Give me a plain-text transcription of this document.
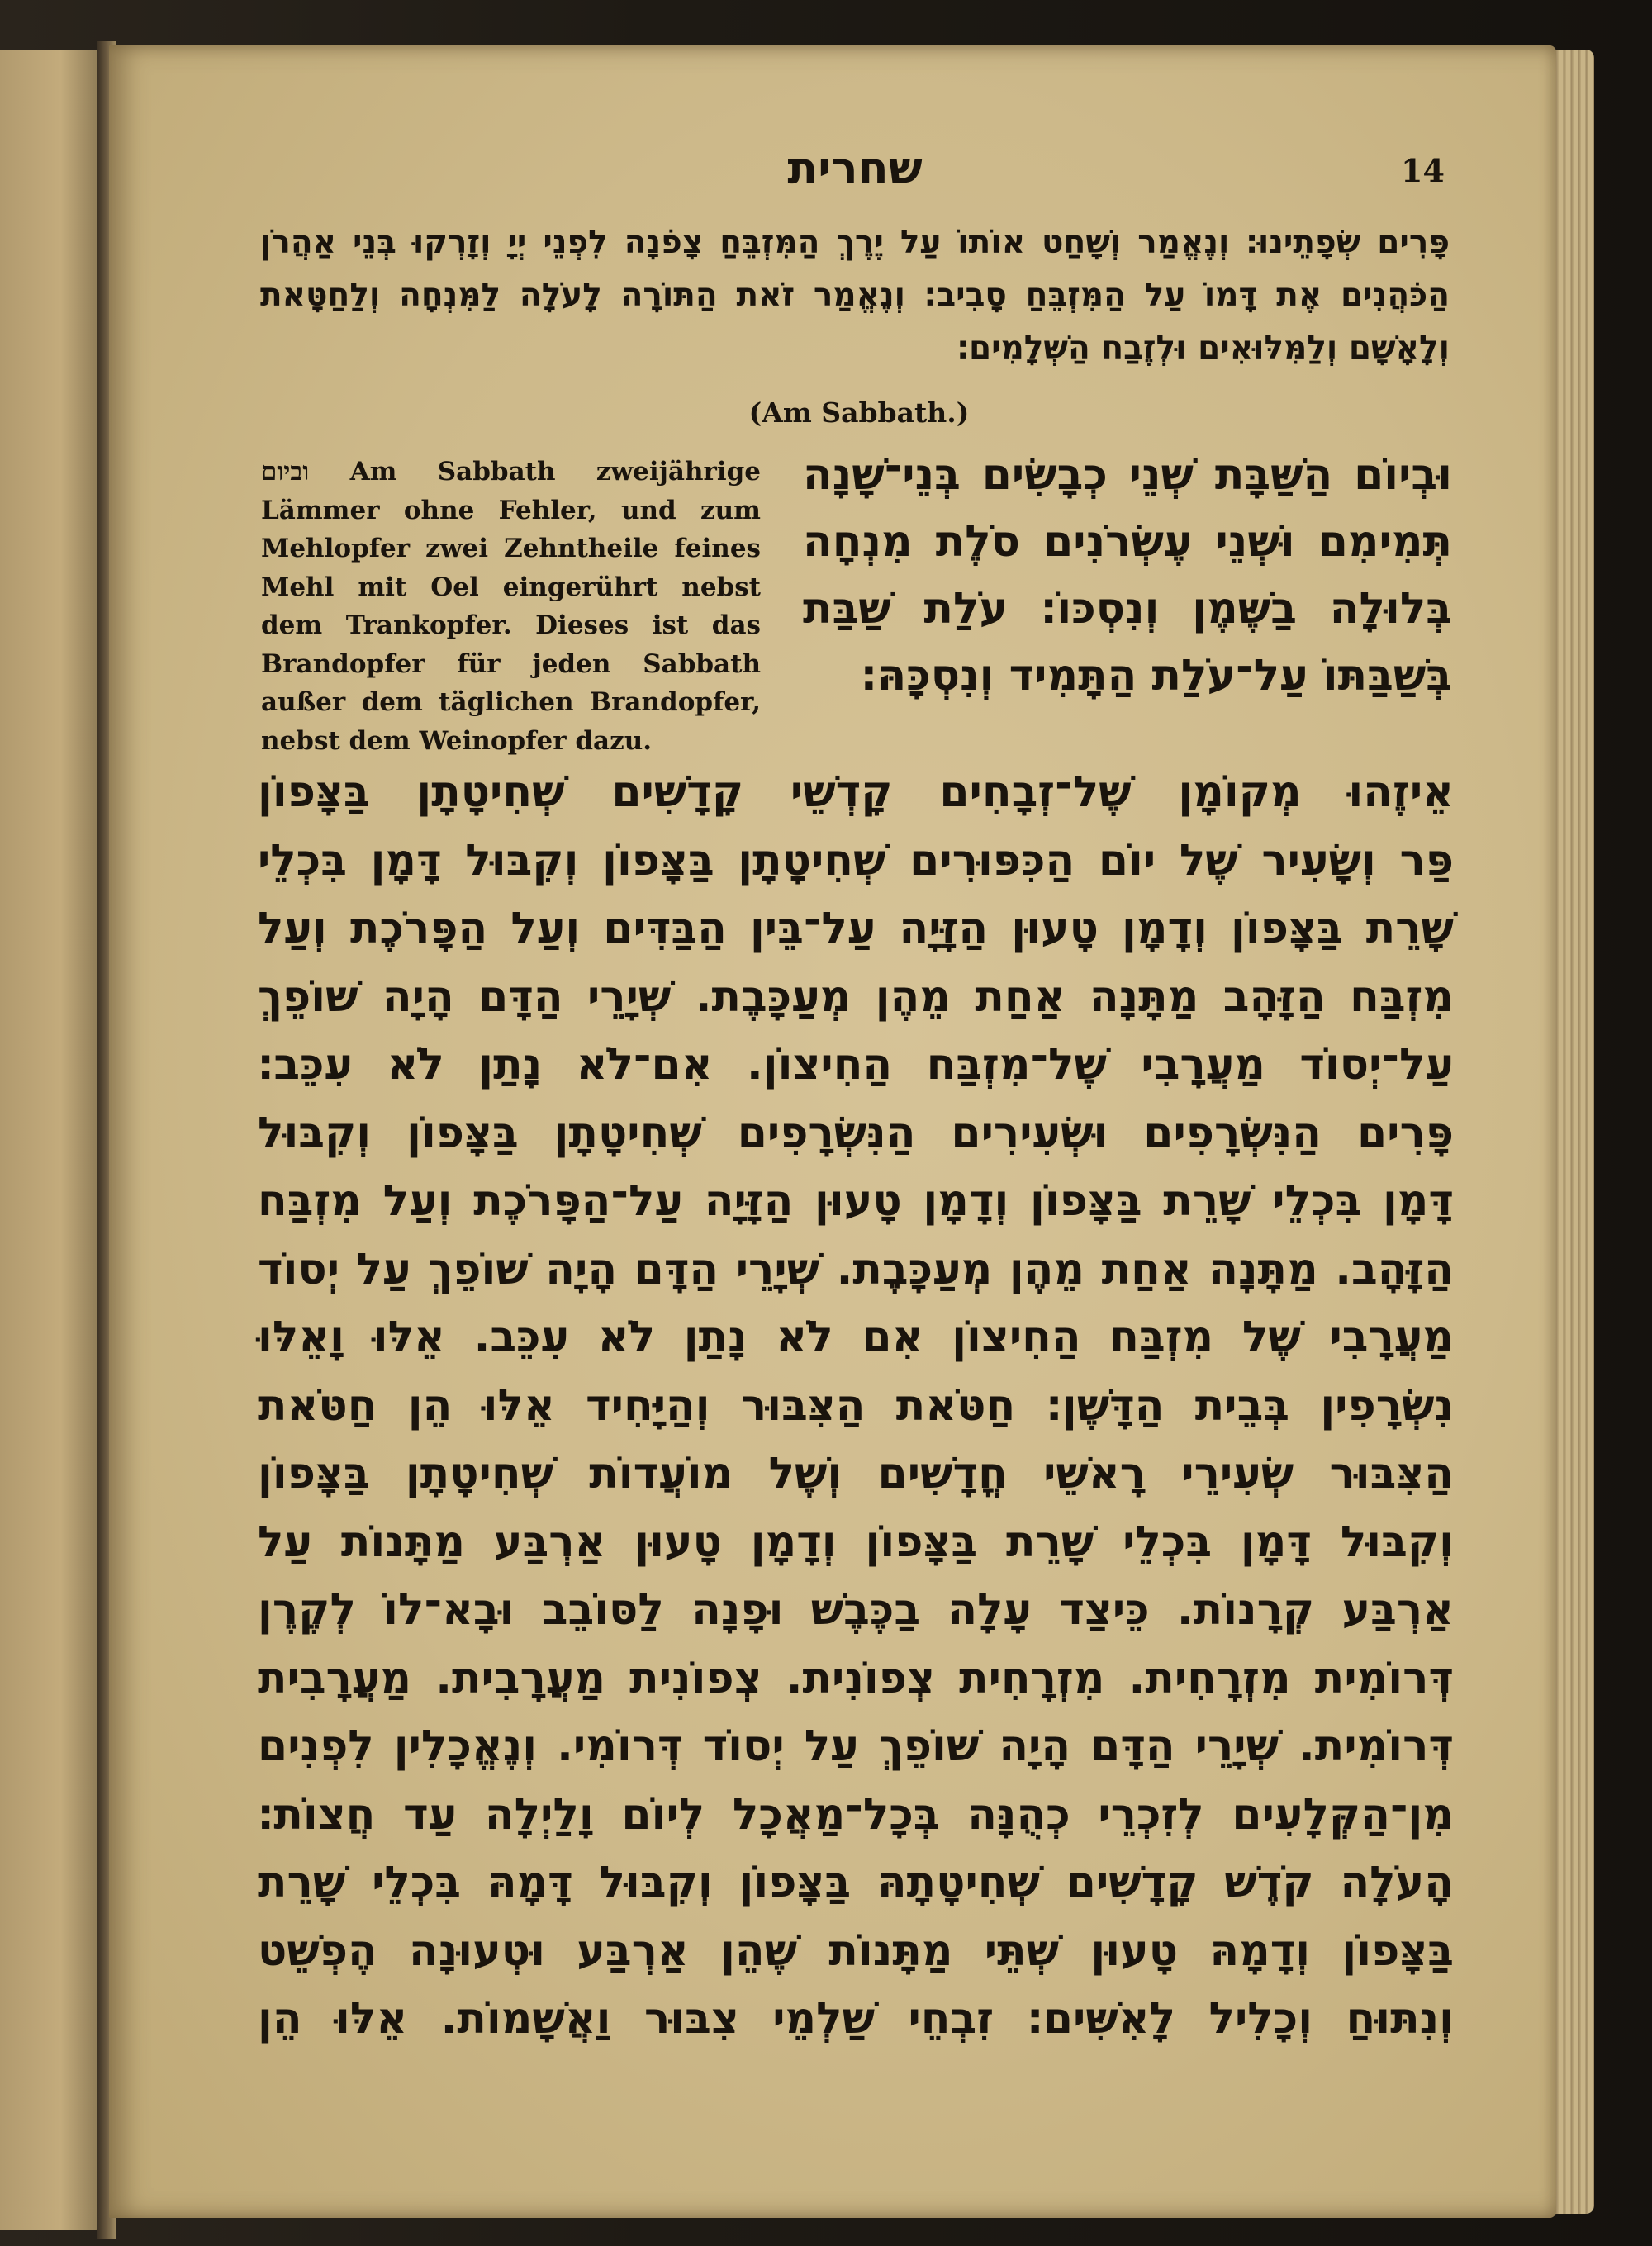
שחרית	14

פָּרִים שְׂפָתֵינוּ׃ וְנֶאֱמַר וְשָׁחַט אוֹתוֹ עַל יֶרֶךְ הַמִּזְבֵּחַ צָפֹנָה לִפְנֵי יְיָ וְזָרְקוּ בְּנֵי אַהֲרֹן הַכֹּהֲנִים אֶת דָּמוֹ עַל הַמִּזְבֵּחַ סָבִיב׃ וְנֶאֱמַר זֹאת הַתּוֹרָה לָעֹלָה לַמִּנְחָה וְלַחַטָּאת וְלָאָשָׁם וְלַמִּלּוּאִים וּלְזֶבַח הַשְּׁלָמִים׃

(Am Sabbath.)

וביום Am Sabbath zweijährige Lämmer ohne Fehler, und zum Mehlopfer zwei Zehntheile feines Mehl mit Oel eingerührt nebst dem Trankopfer. Dieses ist das Brandopfer für jeden Sabbath außer dem täglichen Brandopfer, nebst dem Weinopfer dazu.

וּבְיוֹם הַשַּׁבָּת שְׁנֵי כְבָשִׂים בְּנֵי־שָׁנָה תְּמִימִם וּשְׁנֵי עֶשְׂרֹנִים סֹלֶת מִנְחָה בְּלוּלָה בַשֶּׁמֶן וְנִסְכּוֹ׃ עֹלַת שַׁבַּת בְּשַׁבַּתּוֹ עַל־עֹלַת הַתָּמִיד וְנִסְכָּהּ׃

אֵיזֶהוּ מְקוֹמָן שֶׁל־זְבָחִים קָדְשֵׁי קָדָשִׁים שְׁחִיטָתָן בַּצָּפוֹן
פַּר וְשָׂעִיר שֶׁל יוֹם הַכִּפּוּרִים שְׁחִיטָתָן בַּצָּפוֹן וְקִבּוּל דָּמָן בִּכְלֵי
שָׁרֵת בַּצָּפוֹן וְדָמָן טָעוּן הַזָּיָה עַל־בֵּין הַבַּדִּים וְעַל הַפָּרֹכֶת וְעַל
מִזְבַּח הַזָּהָב מַתָּנָה אַחַת מֵהֶן מְעַכָּבֶת. שְׁיָרֵי הַדָּם הָיָה שׁוֹפֵךְ
עַל־יְסוֹד מַעֲרָבִי שֶׁל־מִזְבַּח הַחִיצוֹן. אִם־לֹא נָתַן לֹא עִכֵּב׃
פָּרִים הַנִּשְׂרָפִים וּשְׂעִירִים הַנִּשְׂרָפִים שְׁחִיטָתָן בַּצָּפוֹן וְקִבּוּל
דָּמָן בִּכְלֵי שָׁרֵת בַּצָּפוֹן וְדָמָן טָעוּן הַזָּיָה עַל־הַפָּרֹכֶת וְעַל מִזְבַּח
הַזָּהָב. מַתָּנָה אַחַת מֵהֶן מְעַכָּבֶת. שְׁיָרֵי הַדָּם הָיָה שׁוֹפֵךְ עַל יְסוֹד
מַעֲרָבִי שֶׁל מִזְבַּח הַחִיצוֹן אִם לֹא נָתַן לֹא עִכֵּב. אֵלּוּ וָאֵלּוּ
נִשְׂרָפִין בְּבֵית הַדָּשֶׁן׃ חַטֹּאת הַצִּבּוּר וְהַיָּחִיד אֵלּוּ הֵן חַטֹּאת
הַצִּבּוּר שְׂעִירֵי רָאשֵׁי חֳדָשִׁים וְשֶׁל מוֹעֲדוֹת שְׁחִיטָתָן בַּצָּפוֹן
וְקִבּוּל דָּמָן בִּכְלֵי שָׁרֵת בַּצָּפוֹן וְדָמָן טָעוּן אַרְבַּע מַתָּנוֹת עַל
אַרְבַּע קְרָנוֹת. כֵּיצַד עָלָה בַכֶּבֶשׁ וּפָנָה לַסּוֹבֵב וּבָא־לוֹ לְקֶרֶן
דְּרוֹמִית מִזְרָחִית. מִזְרָחִית צְפוֹנִית. צְפוֹנִית מַעֲרָבִית. מַעֲרָבִית
דְּרוֹמִית. שְׁיָרֵי הַדָּם הָיָה שׁוֹפֵךְ עַל יְסוֹד דְּרוֹמִי. וְנֶאֱכָלִין לִפְנִים
מִן־הַקְּלָעִים לְזִכְרֵי כְהֻנָּה בְּכָל־מַאֲכָל לְיוֹם וָלַיְלָה עַד חֲצוֹת׃
הָעֹלָה קֹדֶשׁ קָדָשִׁים שְׁחִיטָתָהּ בַּצָּפוֹן וְקִבּוּל דָּמָהּ בִּכְלֵי שָׁרֵת
בַּצָּפוֹן וְדָמָהּ טָעוּן שְׁתֵּי מַתָּנוֹת שֶׁהֵן אַרְבַּע וּטְעוּנָה הֶפְשֵׁט
וְנִתּוּחַ וְכָלִיל לָאִשִּׁים׃ זִבְחֵי שַׁלְמֵי צִבּוּר וַאֲשָׁמוֹת. אֵלּוּ הֵן
